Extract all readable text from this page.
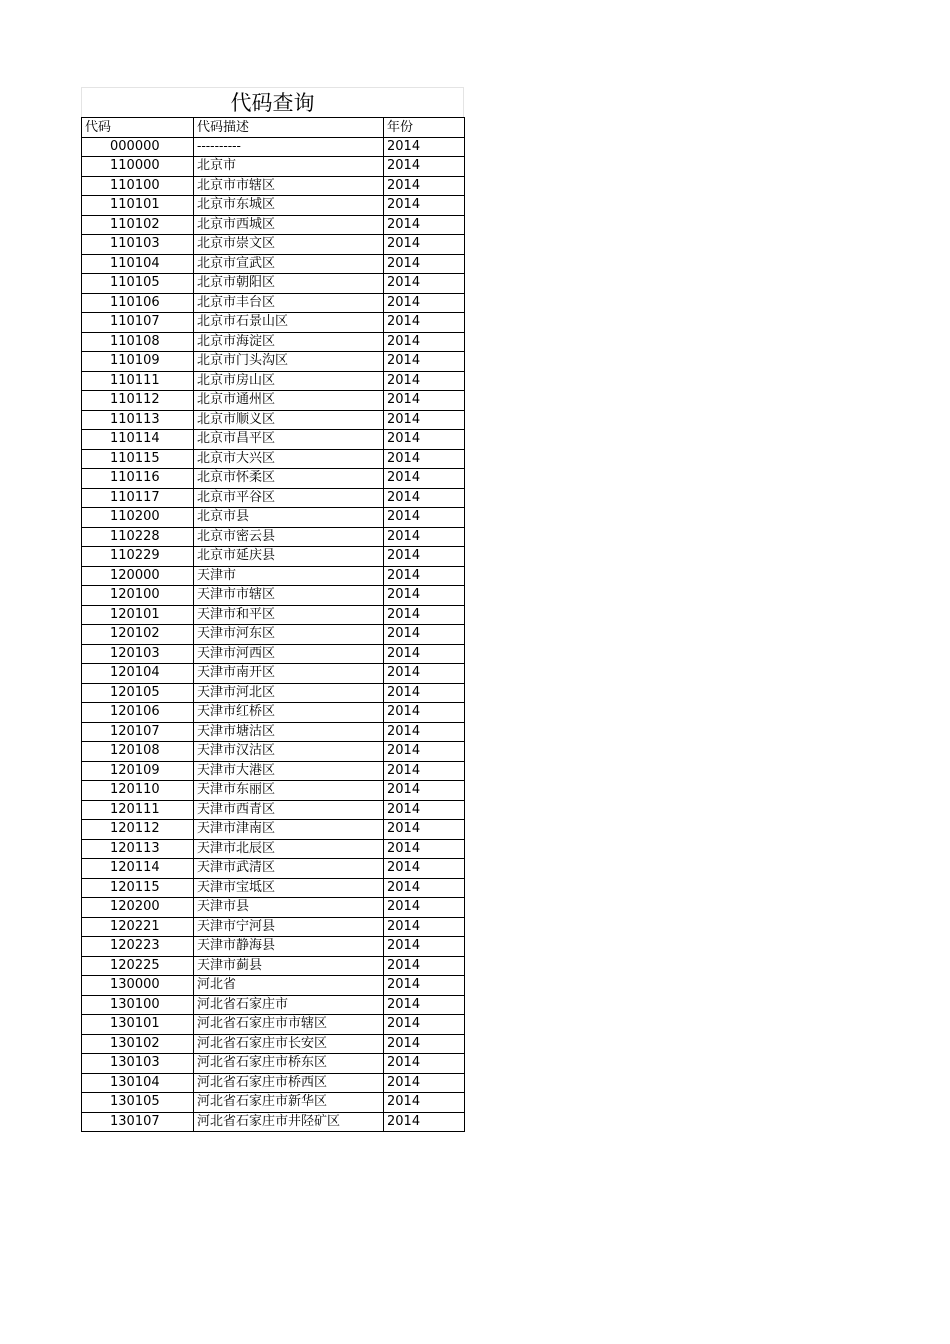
代码查询
代码	代码描述	年份
000000	----------	2014
110000	北京市	2014
110100	北京市市辖区	2014
110101	北京市东城区	2014
110102	北京市西城区	2014
110103	北京市崇文区	2014
110104	北京市宣武区	2014
110105	北京市朝阳区	2014
110106	北京市丰台区	2014
110107	北京市石景山区	2014
110108	北京市海淀区	2014
110109	北京市门头沟区	2014
110111	北京市房山区	2014
110112	北京市通州区	2014
110113	北京市顺义区	2014
110114	北京市昌平区	2014
110115	北京市大兴区	2014
110116	北京市怀柔区	2014
110117	北京市平谷区	2014
110200	北京市县	2014
110228	北京市密云县	2014
110229	北京市延庆县	2014
120000	天津市	2014
120100	天津市市辖区	2014
120101	天津市和平区	2014
120102	天津市河东区	2014
120103	天津市河西区	2014
120104	天津市南开区	2014
120105	天津市河北区	2014
120106	天津市红桥区	2014
120107	天津市塘沽区	2014
120108	天津市汉沽区	2014
120109	天津市大港区	2014
120110	天津市东丽区	2014
120111	天津市西青区	2014
120112	天津市津南区	2014
120113	天津市北辰区	2014
120114	天津市武清区	2014
120115	天津市宝坻区	2014
120200	天津市县	2014
120221	天津市宁河县	2014
120223	天津市静海县	2014
120225	天津市蓟县	2014
130000	河北省	2014
130100	河北省石家庄市	2014
130101	河北省石家庄市市辖区	2014
130102	河北省石家庄市长安区	2014
130103	河北省石家庄市桥东区	2014
130104	河北省石家庄市桥西区	2014
130105	河北省石家庄市新华区	2014
130107	河北省石家庄市井陉矿区	2014
